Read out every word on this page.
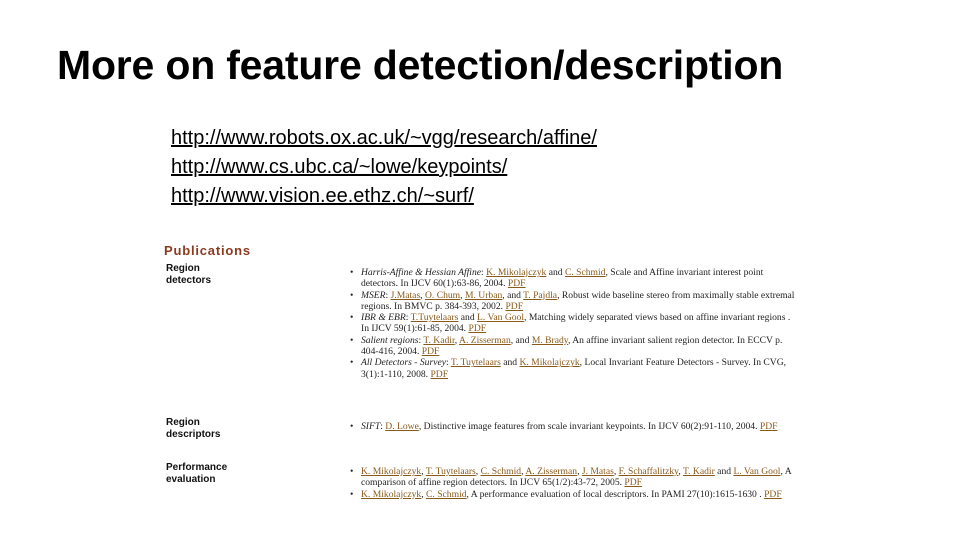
More on feature detection/description
http://www.robots.ox.ac.uk/~vgg/research/affine/
http://www.cs.ubc.ca/~lowe/keypoints/
http://www.vision.ee.ethz.ch/~surf/
Publications
Region
detectors
• Harris-Affine & Hessian Affine: K. Mikolajczyk and C. Schmid, Scale and Affine invariant interest point detectors. In IJCV 60(1):63-86, 2004. PDF
• MSER: J.Matas, O. Chum, M. Urban, and T. Pajdla, Robust wide baseline stereo from maximally stable extremal regions. In BMVC p. 384-393, 2002. PDF
• IBR & EBR: T.Tuytelaars and L. Van Gool, Matching widely separated views based on affine invariant regions . In IJCV 59(1):61-85, 2004. PDF
• Salient regions: T. Kadir, A. Zisserman, and M. Brady, An affine invariant salient region detector. In ECCV p. 404-416, 2004. PDF
• All Detectors - Survey: T. Tuytelaars and K. Mikolajczyk, Local Invariant Feature Detectors - Survey. In CVG, 3(1):1-110, 2008. PDF
Region
descriptors
• SIFT: D. Lowe, Distinctive image features from scale invariant keypoints. In IJCV 60(2):91-110, 2004. PDF
Performance
evaluation
• K. Mikolajczyk, T. Tuytelaars, C. Schmid, A. Zisserman, J. Matas, F. Schaffalitzky, T. Kadir and L. Van Gool, A comparison of affine region detectors. In IJCV 65(1/2):43-72, 2005. PDF
• K. Mikolajczyk, C. Schmid, A performance evaluation of local descriptors. In PAMI 27(10):1615-1630 . PDF
